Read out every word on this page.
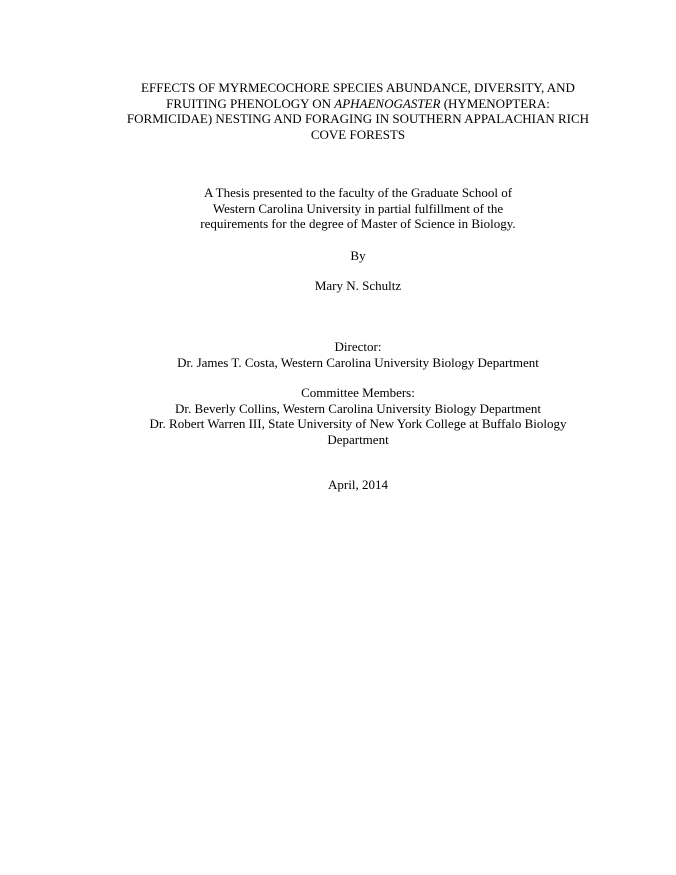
EFFECTS OF MYRMECOCHORE SPECIES ABUNDANCE, DIVERSITY, AND
FRUITING PHENOLOGY ON APHAENOGASTER (HYMENOPTERA:
FORMICIDAE) NESTING AND FORAGING IN SOUTHERN APPALACHIAN RICH
COVE FORESTS
A Thesis presented to the faculty of the Graduate School of
Western Carolina University in partial fulfillment of the
requirements for the degree of Master of Science in Biology.
By
Mary N. Schultz
Director:
Dr. James T. Costa, Western Carolina University Biology Department
Committee Members:
Dr. Beverly Collins, Western Carolina University Biology Department
Dr. Robert Warren III, State University of New York College at Buffalo Biology
Department
April, 2014
